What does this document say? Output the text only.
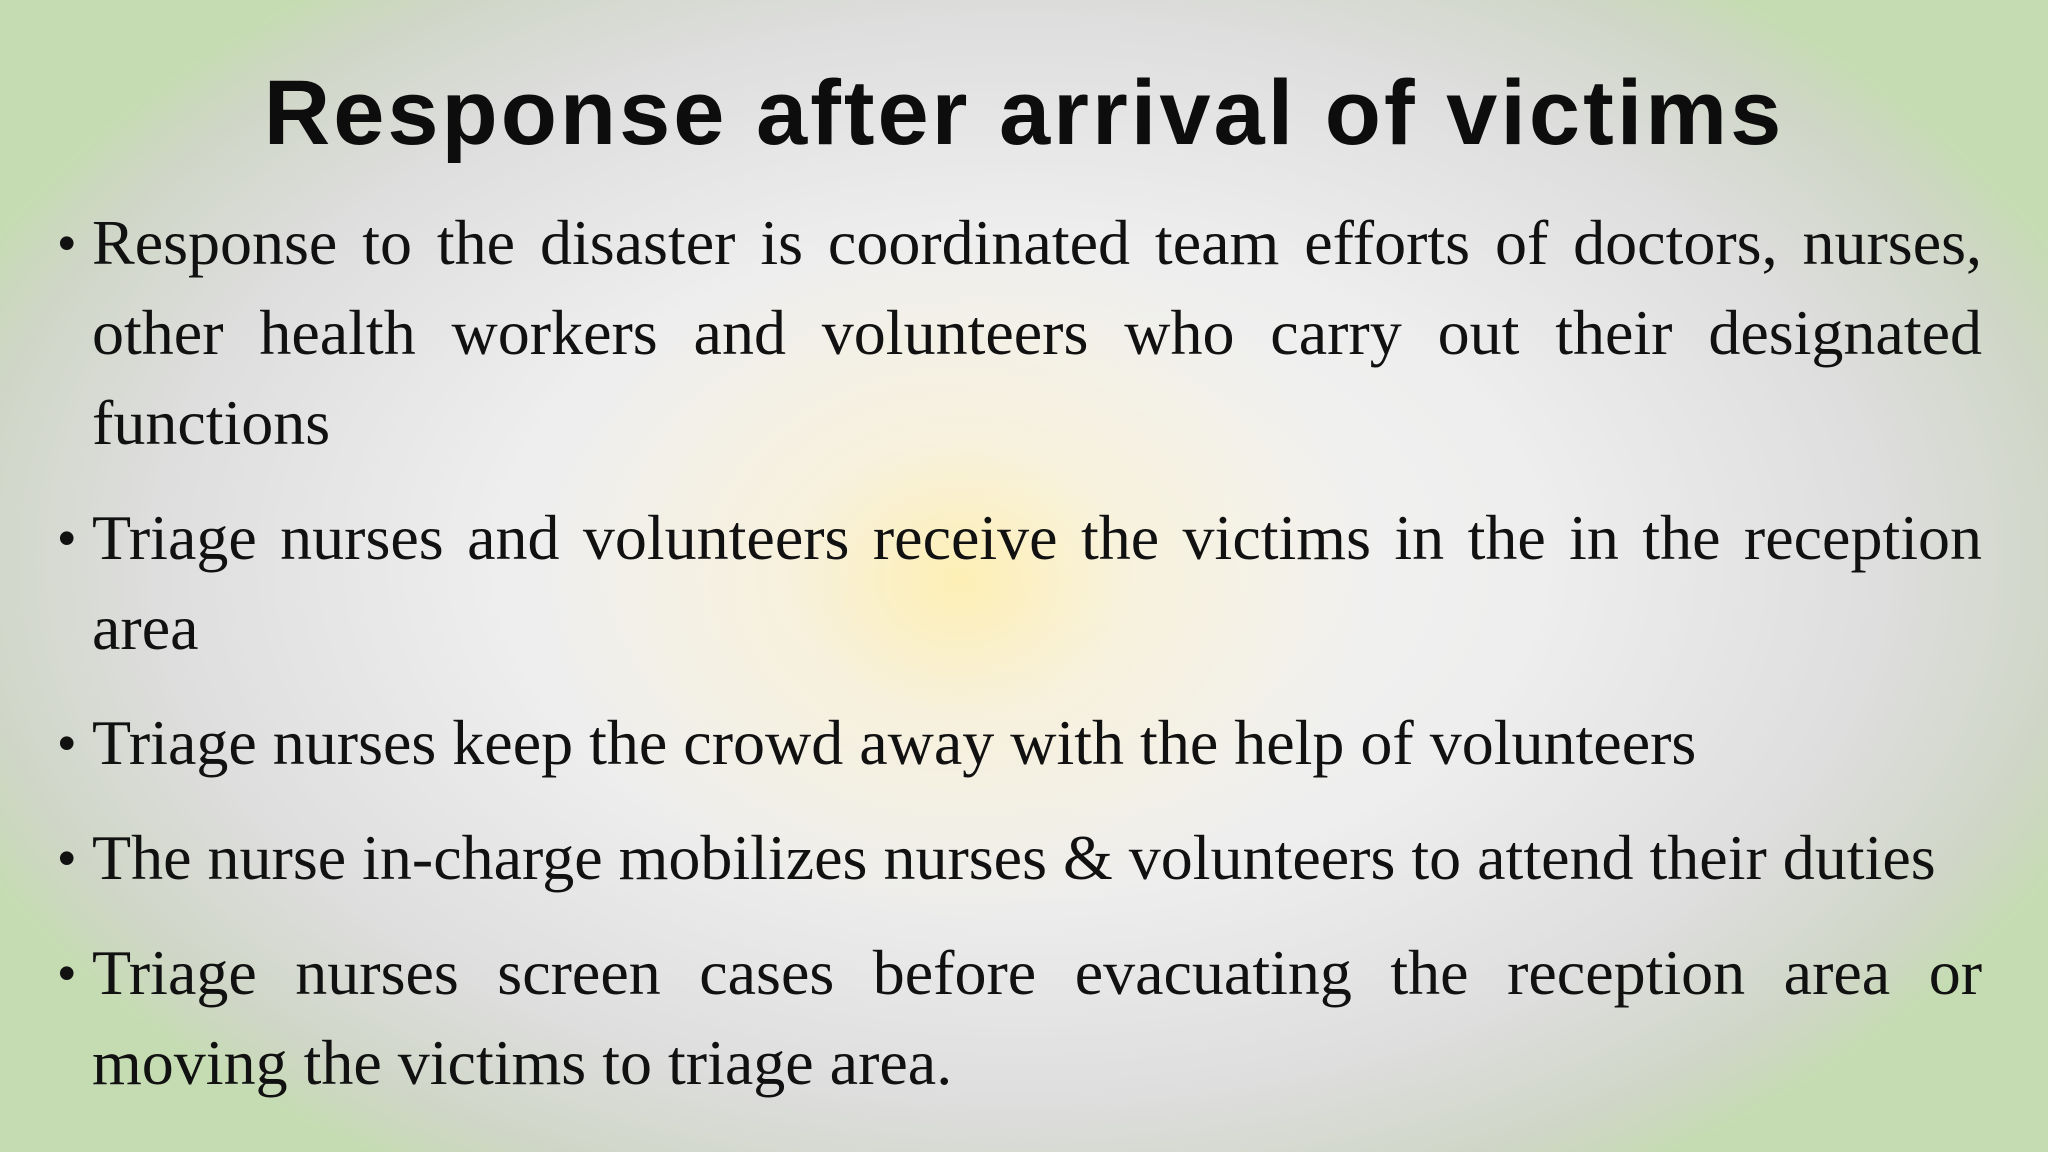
Response after arrival of victims
• Response to the disaster is coordinated team efforts of doctors, nurses, other health workers and volunteers who carry out their designated functions
• Triage nurses and volunteers receive the victims in the in the reception area
• Triage nurses keep the crowd away with the help of volunteers
• The nurse in-charge mobilizes nurses & volunteers to attend their duties
• Triage nurses screen cases before evacuating the reception area or moving the victims to triage area.
